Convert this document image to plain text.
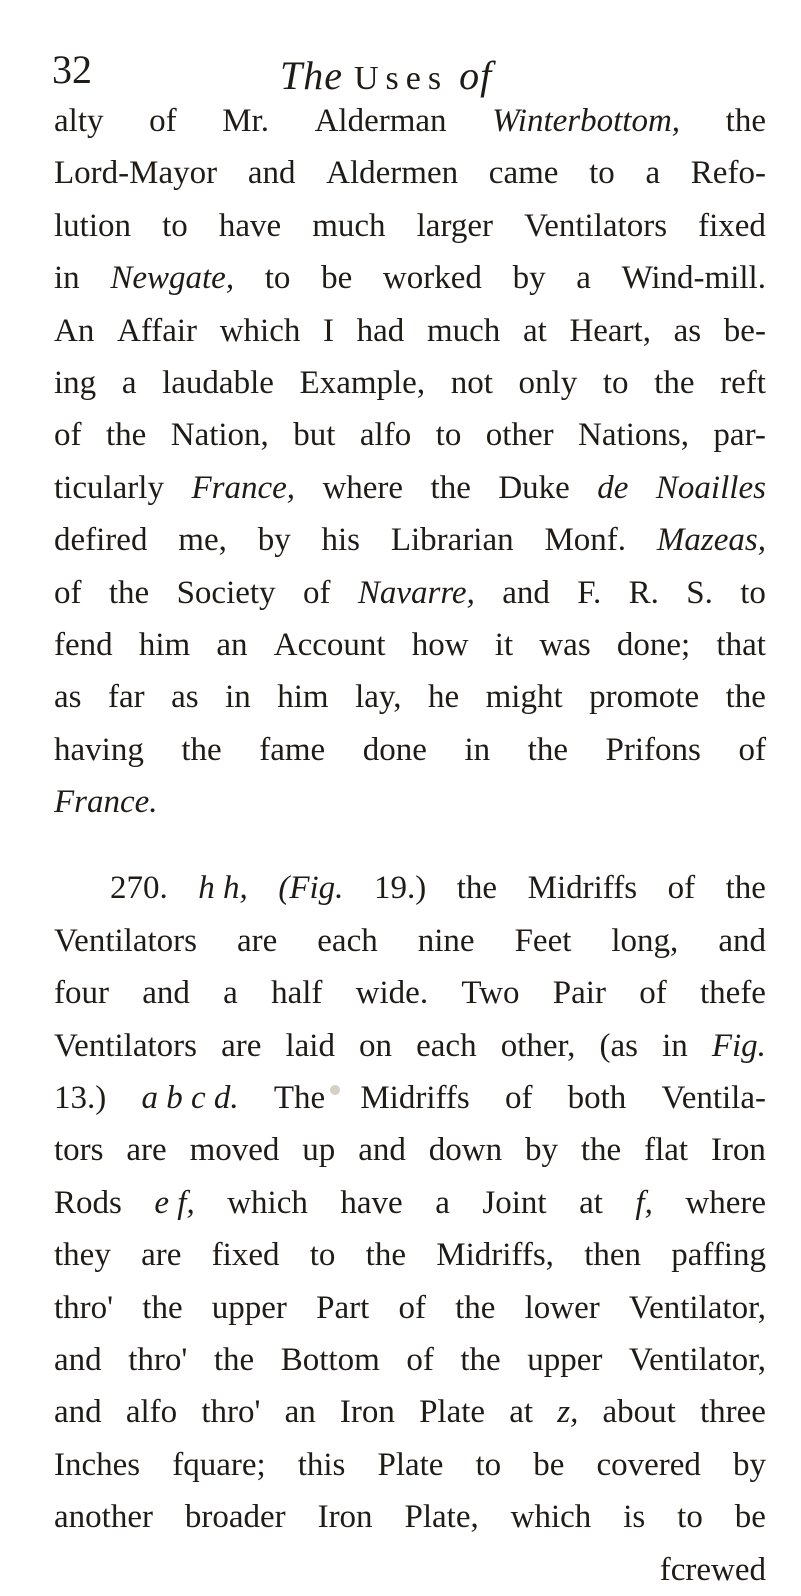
32	The Uses of
alty of Mr. Alderman Winterbottom, the
Lord-Mayor and Aldermen came to a Refo-
lution to have much larger Ventilators fixed
in Newgate, to be worked by a Wind-mill.
An Affair which I had much at Heart, as be-
ing a laudable Example, not only to the reft
of the Nation, but alfo to other Nations, par-
ticularly France, where the Duke de Noailles
defired me, by his Librarian Monf. Mazeas,
of the Society of Navarre, and F. R. S. to
fend him an Account how it was done; that
as far as in him lay, he might promote the
having the fame done in the Prifons of
France.
270. h h, (Fig. 19.) the Midriffs of the
Ventilators are each nine Feet long, and
four and a half wide. Two Pair of thefe
Ventilators are laid on each other, (as in Fig.
13.) a b c d. The Midriffs of both Ventila-
tors are moved up and down by the flat Iron
Rods e f, which have a Joint at f, where
they are fixed to the Midriffs, then paffing
thro' the upper Part of the lower Ventilator,
and thro' the Bottom of the upper Ventilator,
and alfo thro' an Iron Plate at z, about three
Inches fquare; this Plate to be covered by
another broader Iron Plate, which is to be
fcrewed
